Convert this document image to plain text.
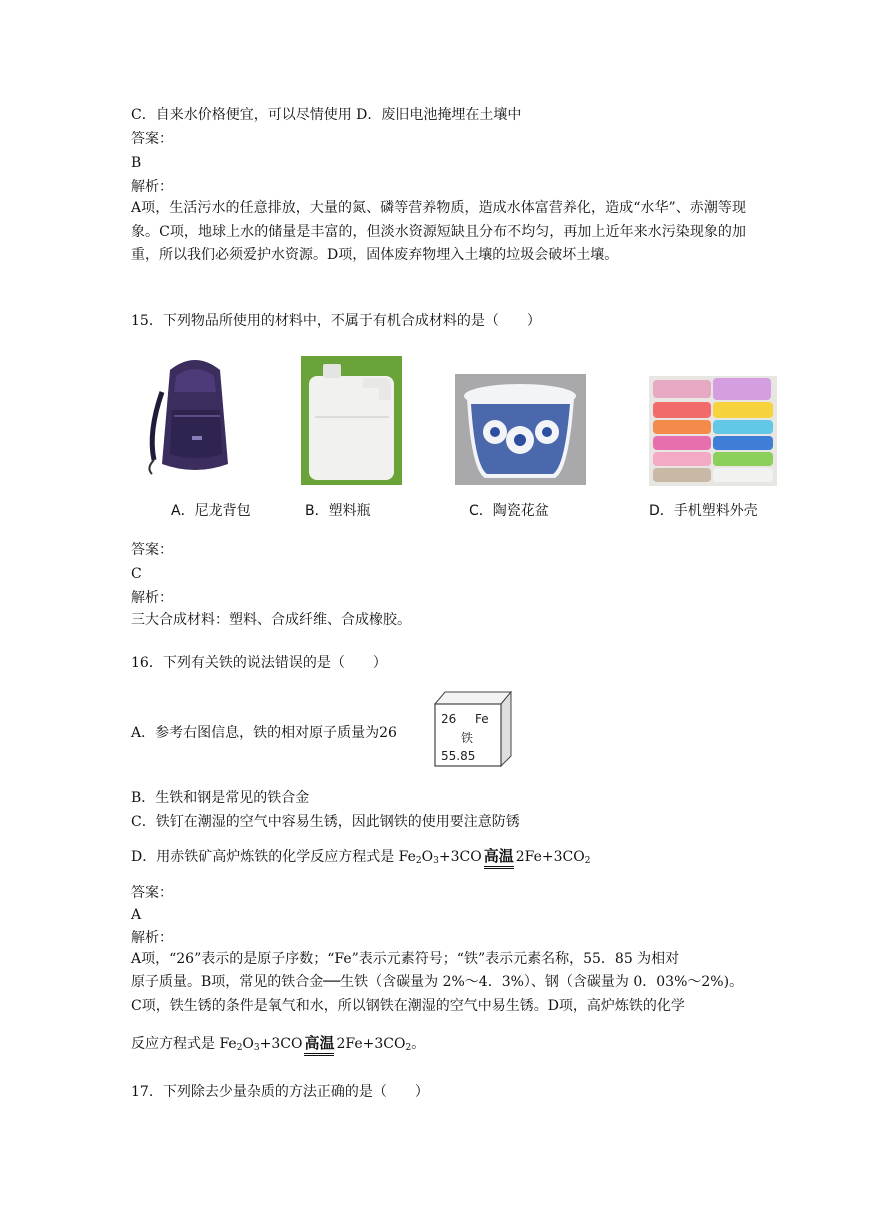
C．自来水价格便宜，可以尽情使用 D．废旧电池掩埋在土壤中
答案：
B
解析：
A项，生活污水的任意排放，大量的氮、磷等营养物质，造成水体富营养化，造成“水华”、赤潮等现象。C项，地球上水的储量是丰富的，但淡水资源短缺且分布不均匀，再加上近年来水污染现象的加重，所以我们必须爱护水资源。D项，固体废弃物埋入土壤的垃圾会破坏土壤。
15．下列物品所使用的材料中，不属于有机合成材料的是（　　）
A．尼龙背包	B．塑料瓶	C．陶瓷花盆	D．手机塑料外壳
答案：
C
解析：
三大合成材料：塑料、合成纤维、合成橡胶。
16．下列有关铁的说法错误的是（　　）
A．参考右图信息，铁的相对原子质量为26
26 Fe
铁
55.85
B．生铁和钢是常见的铁合金
C．铁钉在潮湿的空气中容易生锈，因此钢铁的使用要注意防锈
D．用赤铁矿高炉炼铁的化学反应方程式是 $Fe_2O_3+3CO$ 高温 $2Fe+3CO_2$
答案：
A
解析：
A项，“26”表示的是原子序数；“Fe”表示元素符号；“铁”表示元素名称，55．85 为相对
原子质量。B项，常见的铁合金──生铁（含碳量为 2%～4．3%）、钢（含碳量为 0．03%～2%)。
C项，铁生锈的条件是氧气和水，所以钢铁在潮湿的空气中易生锈。D项，高炉炼铁的化学
反应方程式是 $Fe_2O_3+3CO$ 高温 $2Fe+3CO_2$。
17．下列除去少量杂质的方法正确的是（　　）
